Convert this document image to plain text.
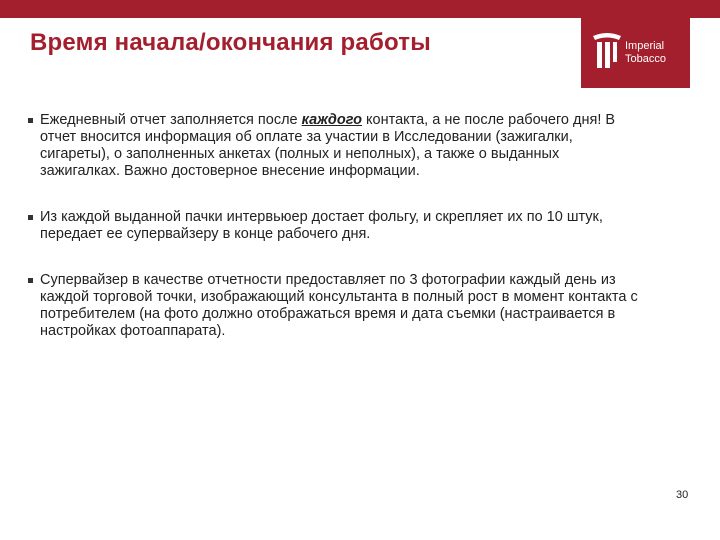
Время начала/окончания работы	Imperial
Tobacco
Ежедневный отчет заполняется после каждого контакта, а не после рабочего дня! В отчет вносится информация об оплате за участии в Исследовании (зажигалки, сигареты), о заполненных анкетах (полных и неполных), а также о выданных зажигалках. Важно достоверное внесение информации.
Из каждой выданной пачки интервьюер достает фольгу, и скрепляет их по 10 штук, передает ее супервайзеру в конце рабочего дня.
Супервайзер в качестве отчетности предоставляет по 3 фотографии каждый день из каждой торговой точки, изображающий консультанта в полный рост в момент контакта с потребителем (на фото должно отображаться время и дата съемки (настраивается в настройках фотоаппарата).
30
